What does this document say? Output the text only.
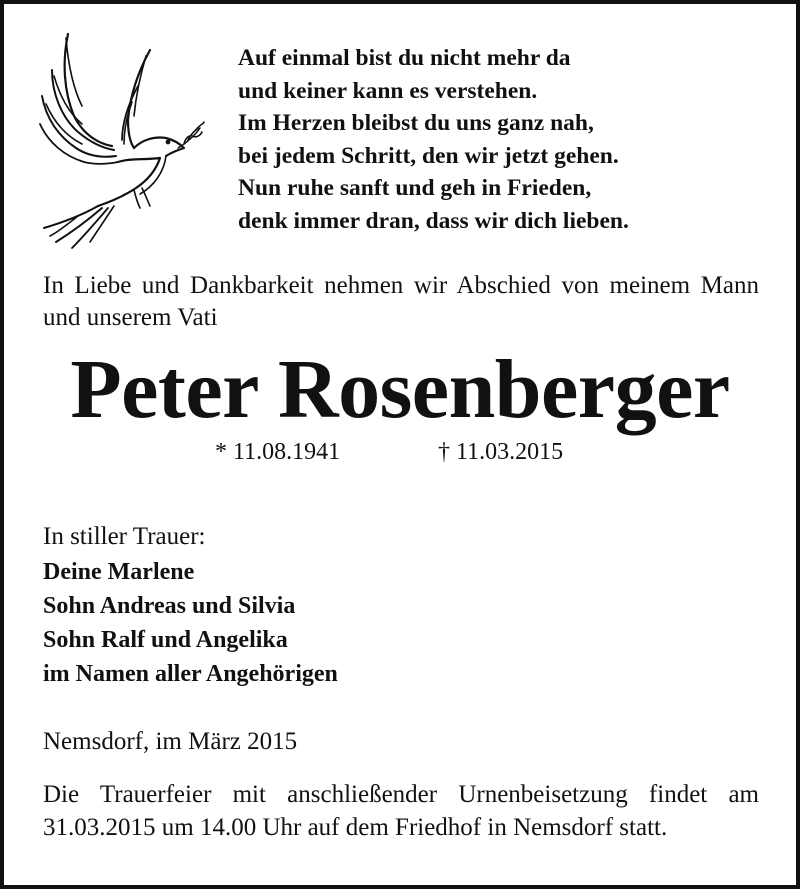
Auf einmal bist du nicht mehr da
und keiner kann es verstehen.
Im Herzen bleibst du uns ganz nah,
bei jedem Schritt, den wir jetzt gehen.
Nun ruhe sanft und geh in Frieden,
denk immer dran, dass wir dich lieben.
In Liebe und Dankbarkeit nehmen wir Abschied von meinem Mann und unserem Vati
Peter Rosenberger
* 11.08.1941	† 11.03.2015
In stiller Trauer:
Deine Marlene
Sohn Andreas und Silvia
Sohn Ralf und Angelika
im Namen aller Angehörigen
Nemsdorf, im März 2015
Die Trauerfeier mit anschließender Urnenbeisetzung findet am 31.03.2015 um 14.00 Uhr auf dem Friedhof in Nemsdorf statt.
